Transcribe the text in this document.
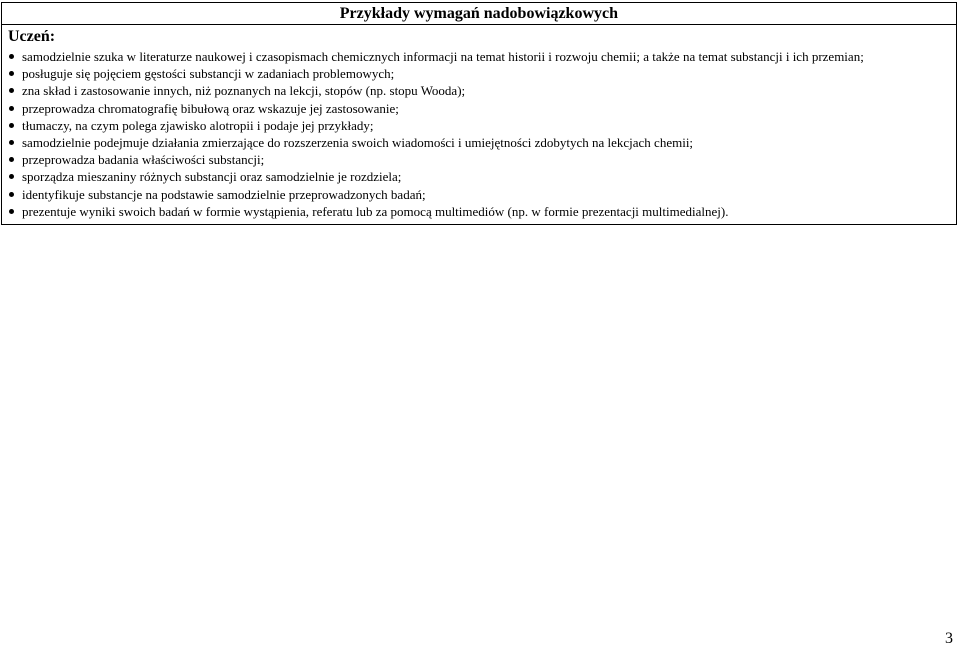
Przykłady wymagań nadobowiązkowych
Uczeń:
samodzielnie szuka w literaturze naukowej i czasopismach chemicznych informacji na temat historii i rozwoju chemii; a także na temat substancji i ich przemian;
posługuje się pojęciem gęstości substancji w zadaniach problemowych;
zna skład i zastosowanie innych, niż poznanych na lekcji, stopów (np. stopu Wooda);
przeprowadza chromatografię bibułową oraz wskazuje jej zastosowanie;
tłumaczy, na czym polega zjawisko alotropii i podaje jej przykłady;
samodzielnie podejmuje działania zmierzające do rozszerzenia swoich wiadomości i umiejętności zdobytych na lekcjach chemii;
przeprowadza badania właściwości substancji;
sporządza mieszaniny różnych substancji oraz samodzielnie je rozdziela;
identyfikuje substancje na podstawie samodzielnie przeprowadzonych badań;
prezentuje wyniki swoich badań w formie wystąpienia, referatu lub za pomocą multimediów (np. w formie prezentacji multimedialnej).
3
